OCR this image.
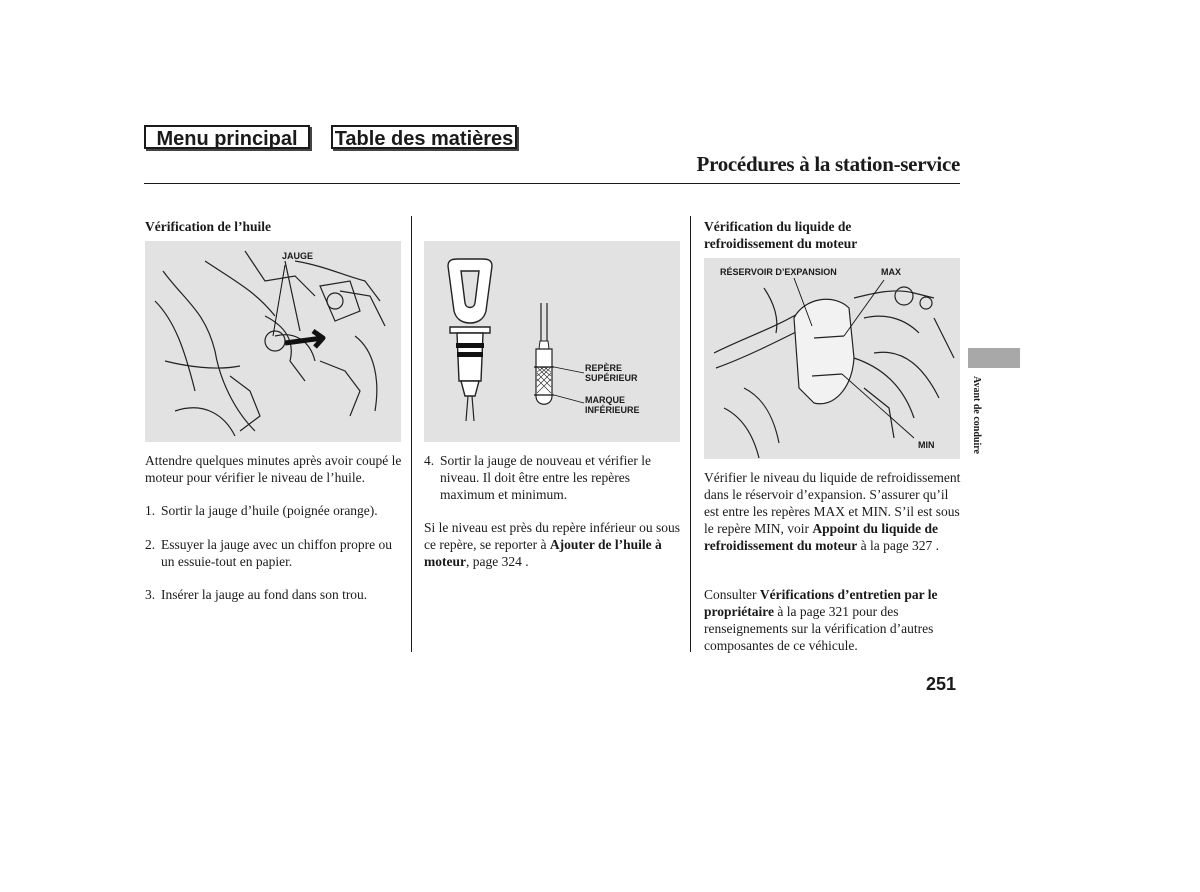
Menu principal	Table des matières
Procédures à la station-service
Vérification de l’huile
JAUGE
Attendre quelques minutes après avoir coupé le moteur pour vérifier le niveau de l’huile.
1. Sortir la jauge d’huile (poignée orange).
2. Essuyer la jauge avec un chiffon propre ou un essuie-tout en papier.
3. Insérer la jauge au fond dans son trou.
REPÈRE
SUPÉRIEUR
MARQUE
INFÉRIEURE
4. Sortir la jauge de nouveau et vérifier le niveau. Il doit être entre les repères maximum et minimum.
Si le niveau est près du repère inférieur ou sous ce repère, se reporter à Ajouter de l’huile à moteur, page 324 .
Vérification du liquide de
refroidissement du moteur
RÉSERVOIR D’EXPANSION	MAX
MIN
Vérifier le niveau du liquide de refroidissement dans le réservoir d’expansion. S’assurer qu’il est entre les repères MAX et MIN. S’il est sous le repère MIN, voir Appoint du liquide de refroidissement du moteur à la page 327 .
Consulter Vérifications d’entretien par le propriétaire à la page 321 pour des renseignements sur la vérification d’autres composantes de ce véhicule.
Avant de conduire
251
